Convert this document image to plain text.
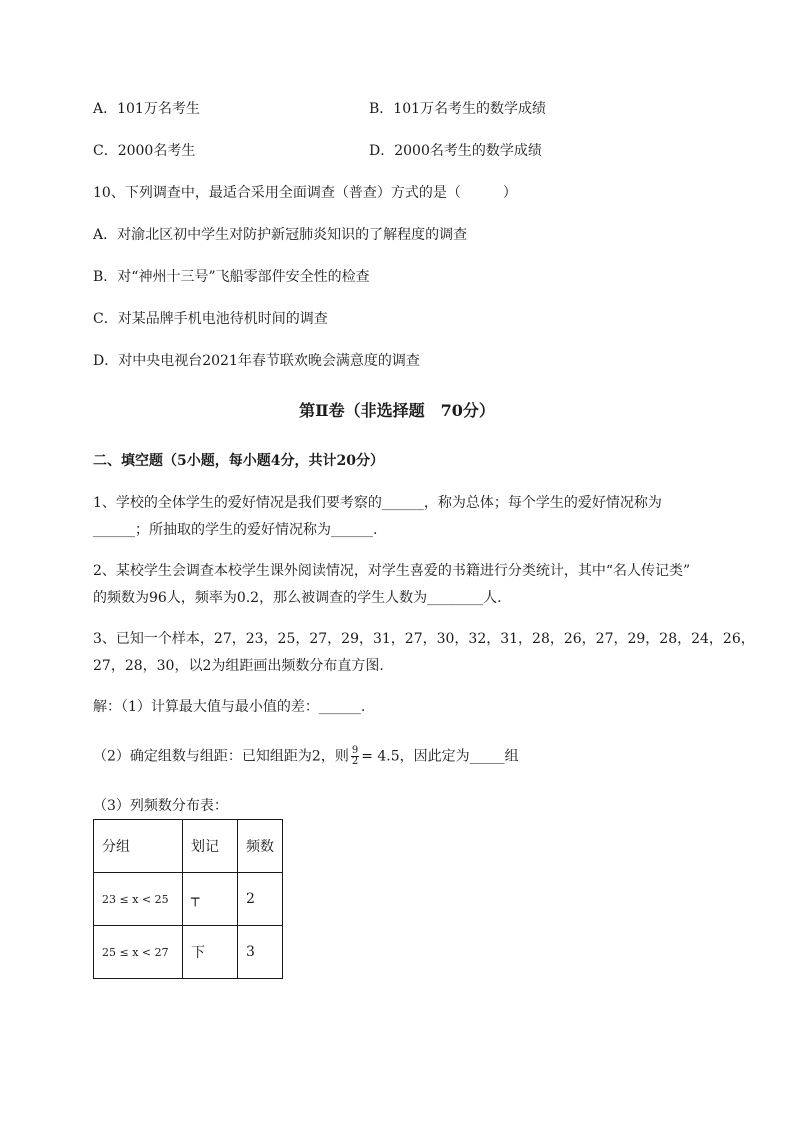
A．101万名考生	B．101万名考生的数学成绩
C．2000名考生	D．2000名考生的数学成绩
10、下列调查中，最适合采用全面调查（普查）方式的是（　　　）
A．对渝北区初中学生对防护新冠肺炎知识的了解程度的调查
B．对“神州十三号”飞船零部件安全性的检查
C．对某品牌手机电池待机时间的调查
D．对中央电视台2021年春节联欢晚会满意度的调查
第Ⅱ卷（非选择题　70分）
二、填空题（5小题，每小题4分，共计20分）
1、学校的全体学生的爱好情况是我们要考察的______，称为总体；每个学生的爱好情况称为
______；所抽取的学生的爱好情况称为______.
2、某校学生会调查本校学生课外阅读情况，对学生喜爱的书籍进行分类统计，其中“名人传记类”
的频数为96人，频率为0.2，那么被调查的学生人数为________人.
3、已知一个样本，27，23，25，27，29，31，27，30，32，31，28，26，27，29，28，24，26，
27，28，30，以2为组距画出频数分布直方图.
解：（1）计算最大值与最小值的差：______.
（2）确定组数与组距：已知组距为2，则 $\frac{9}{2} = 4.5$，因此定为_____组
（3）列频数分布表：
分组	划记	频数
23 ≤ x < 25	┬	2
25 ≤ x < 27	下	3
